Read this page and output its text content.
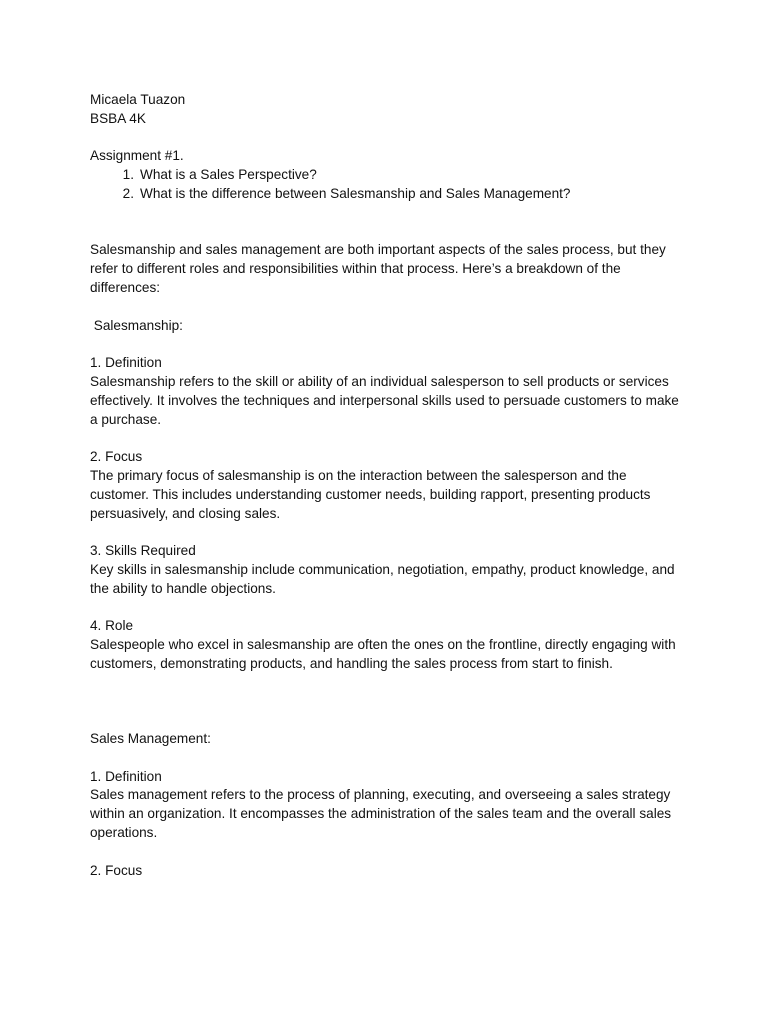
Micaela Tuazon

BSBA 4K

Assignment #1.

1. What is a Sales Perspective?
2. What is the difference between Salesmanship and Sales Management?

Salesmanship and sales management are both important aspects of the sales process, but they refer to different roles and responsibilities within that process. Here’s a breakdown of the differences:

Salesmanship:

1. Definition

Salesmanship refers to the skill or ability of an individual salesperson to sell products or services effectively. It involves the techniques and interpersonal skills used to persuade customers to make a purchase.

2. Focus

The primary focus of salesmanship is on the interaction between the salesperson and the customer. This includes understanding customer needs, building rapport, presenting products persuasively, and closing sales.

3. Skills Required

Key skills in salesmanship include communication, negotiation, empathy, product knowledge, and the ability to handle objections.

4. Role

Salespeople who excel in salesmanship are often the ones on the frontline, directly engaging with customers, demonstrating products, and handling the sales process from start to finish.

Sales Management:

1. Definition

Sales management refers to the process of planning, executing, and overseeing a sales strategy within an organization. It encompasses the administration of the sales team and the overall sales operations.

2. Focus
